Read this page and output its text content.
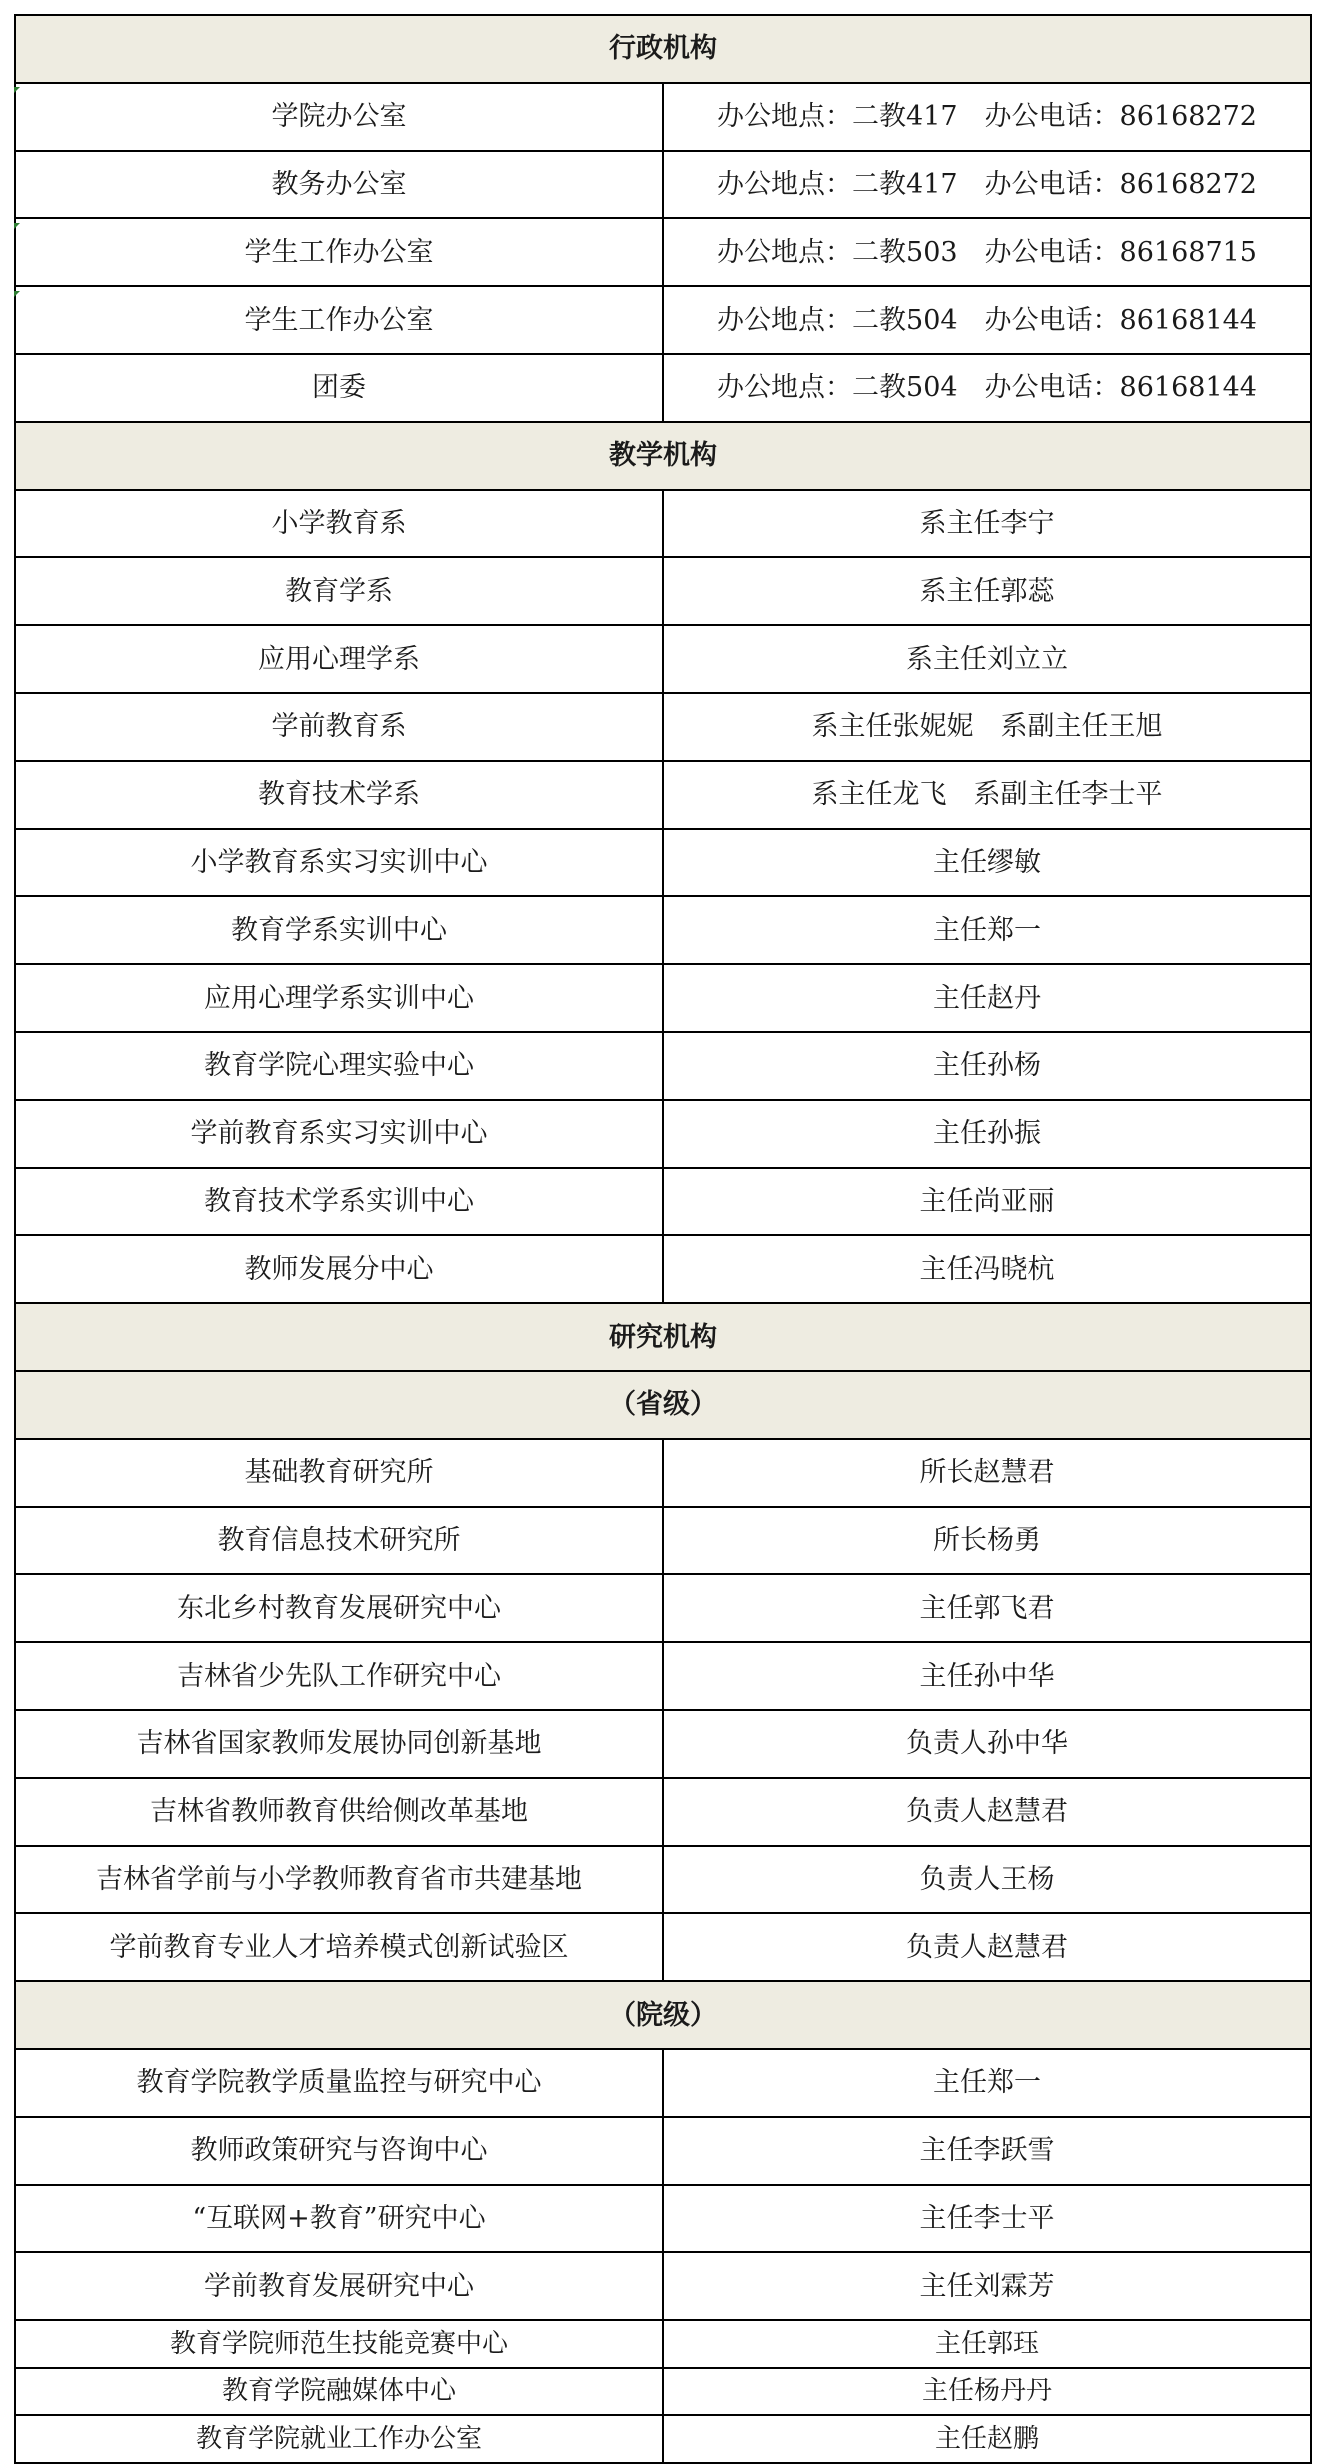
行政机构	
学院办公室	办公地点：二教417　办公电话：86168272
教务办公室	办公地点：二教417　办公电话：86168272
学生工作办公室	办公地点：二教503　办公电话：86168715
学生工作办公室	办公地点：二教504　办公电话：86168144
团委	办公地点：二教504　办公电话：86168144
教学机构	
小学教育系	系主任李宁
教育学系	系主任郭蕊
应用心理学系	系主任刘立立
学前教育系	系主任张妮妮　系副主任王旭
教育技术学系	系主任龙飞　系副主任李士平
小学教育系实习实训中心	主任缪敏
教育学系实训中心	主任郑一
应用心理学系实训中心	主任赵丹
教育学院心理实验中心	主任孙杨
学前教育系实习实训中心	主任孙振
教育技术学系实训中心	主任尚亚丽
教师发展分中心	主任冯晓杭
研究机构	
（省级）	
基础教育研究所	所长赵慧君
教育信息技术研究所	所长杨勇
东北乡村教育发展研究中心	主任郭飞君
吉林省少先队工作研究中心	主任孙中华
吉林省国家教师发展协同创新基地	负责人孙中华
吉林省教师教育供给侧改革基地	负责人赵慧君
吉林省学前与小学教师教育省市共建基地	负责人王杨
学前教育专业人才培养模式创新试验区	负责人赵慧君
（院级）	
教育学院教学质量监控与研究中心	主任郑一
教师政策研究与咨询中心	主任李跃雪
“互联网+教育”研究中心	主任李士平
学前教育发展研究中心	主任刘霖芳
教育学院师范生技能竞赛中心	主任郭珏
教育学院融媒体中心	主任杨丹丹
教育学院就业工作办公室	主任赵鹏
